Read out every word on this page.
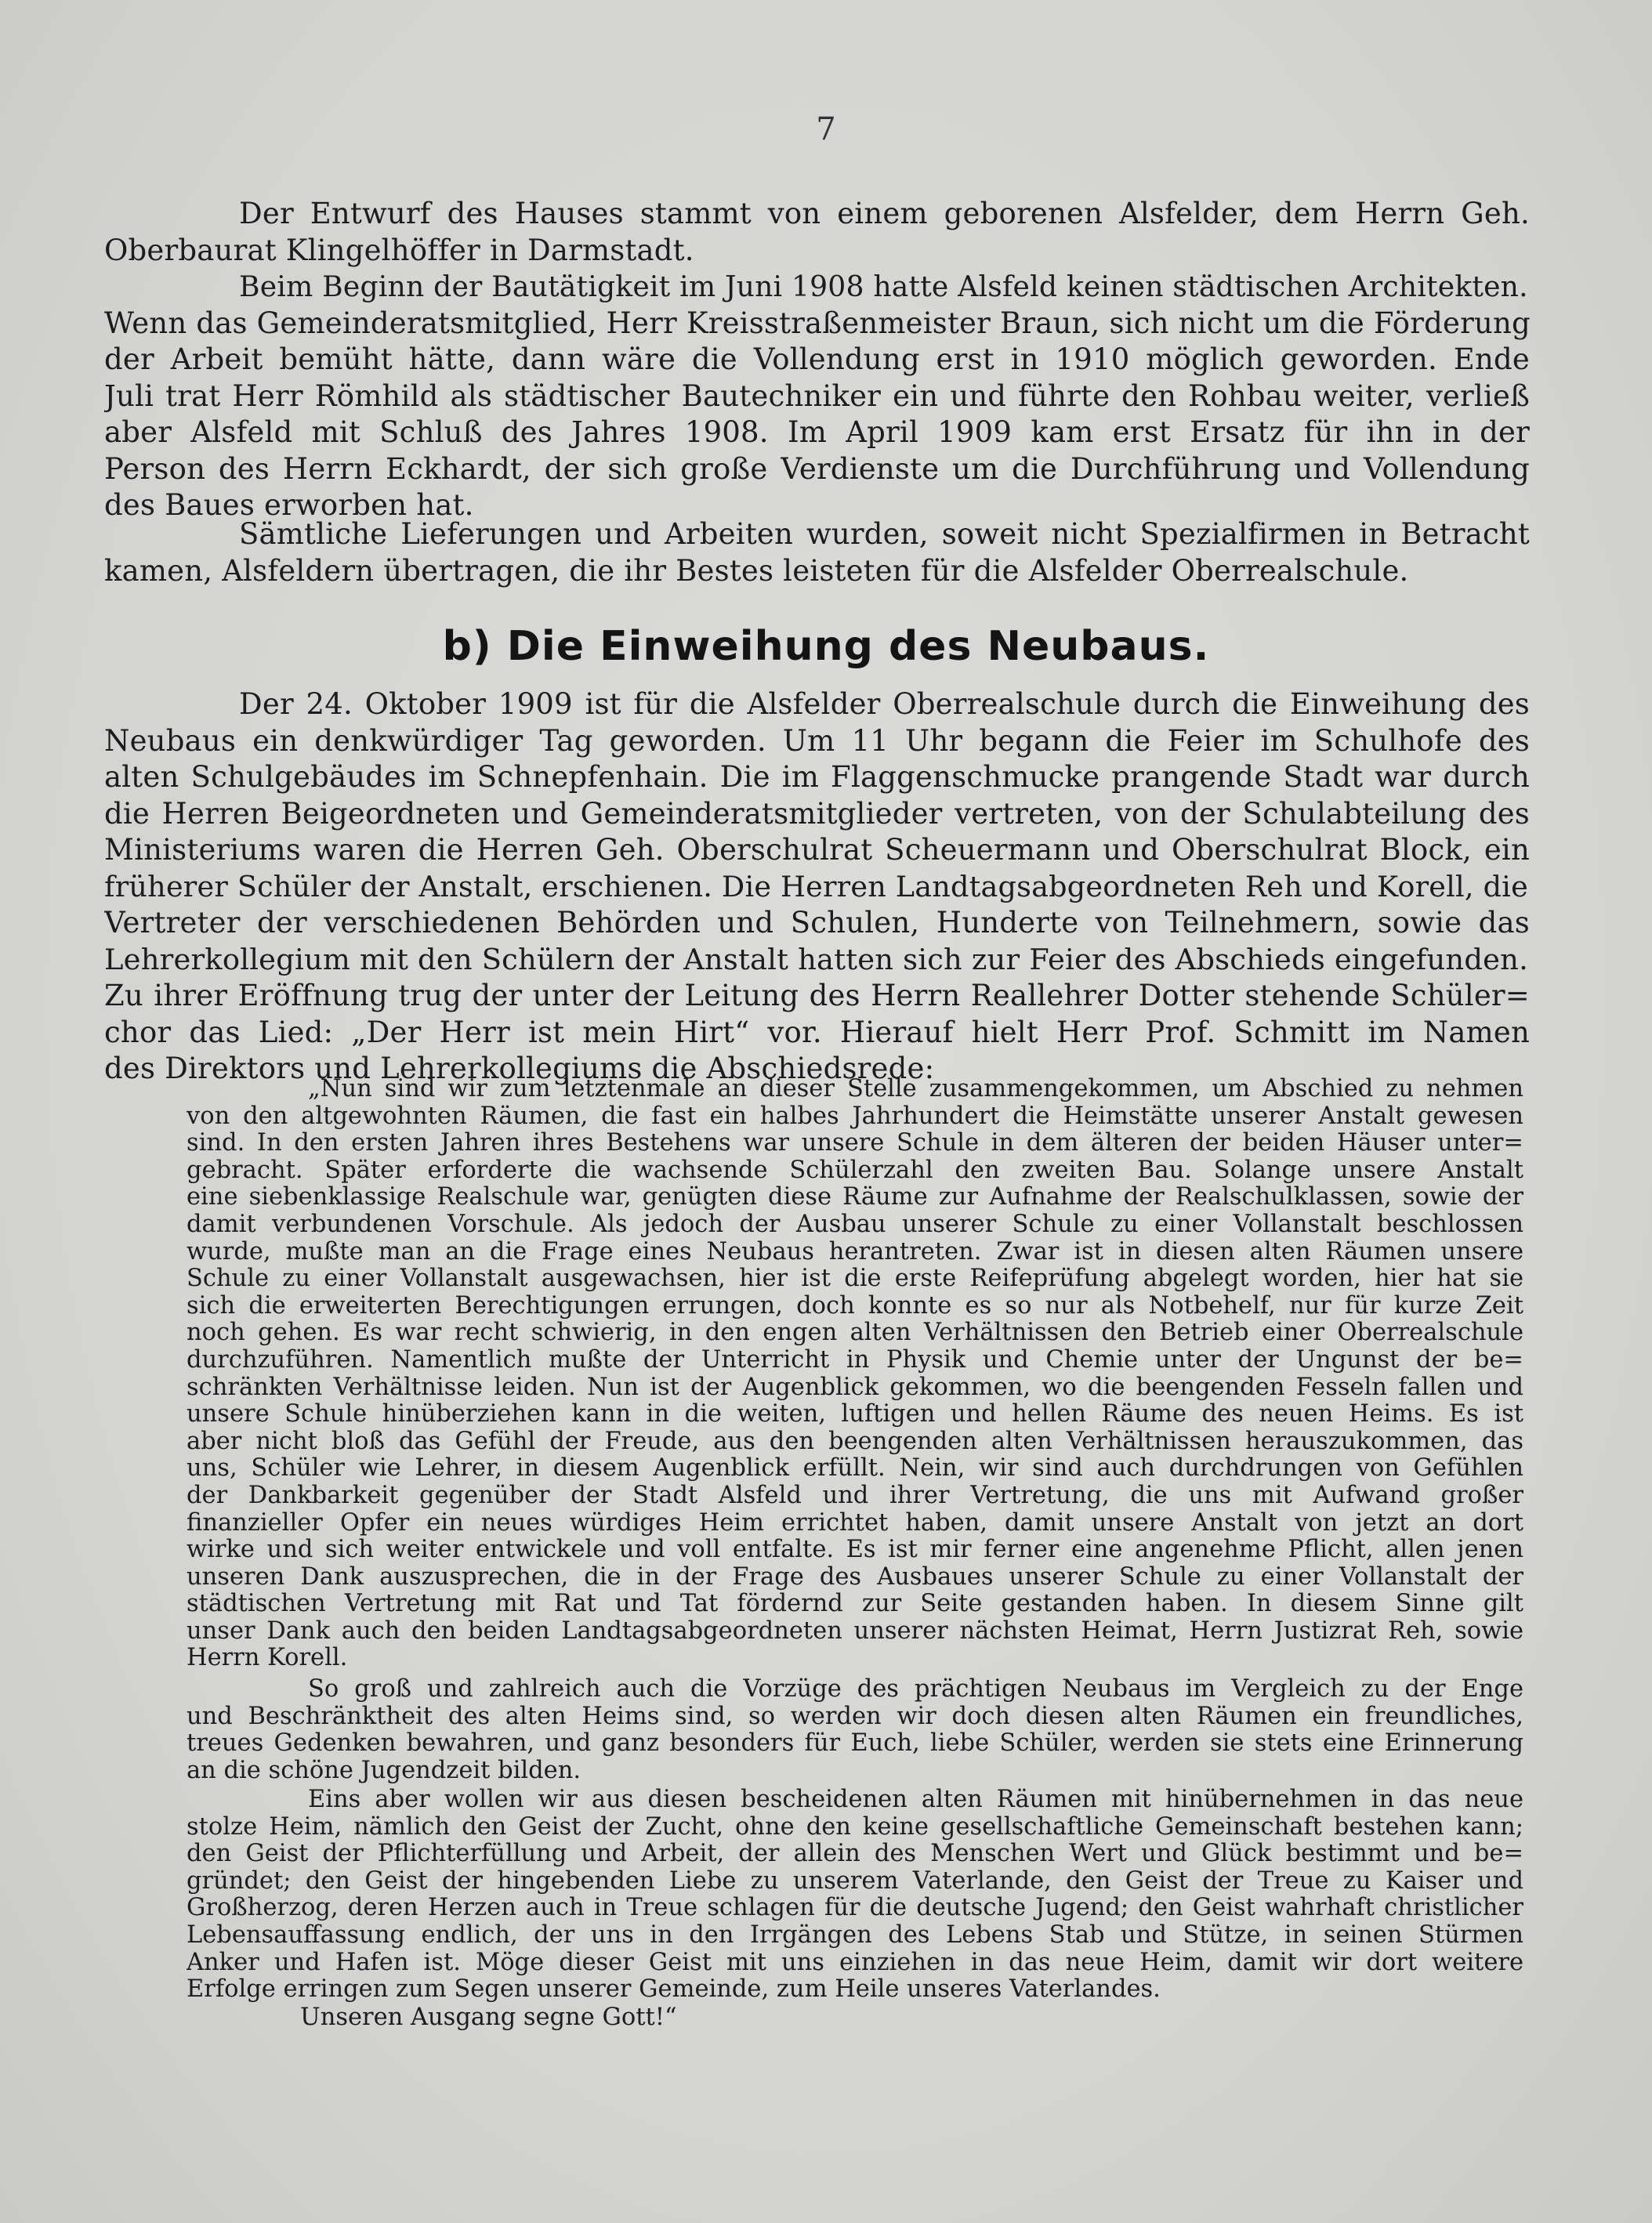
7
Der Entwurf des Hauses stammt von einem geborenen Alsfelder, dem Herrn Geh.
Oberbaurat Klingelhöffer in Darmstadt.
Beim Beginn der Bautätigkeit im Juni 1908 hatte Alsfeld keinen städtischen Architekten.
Wenn das Gemeinderatsmitglied, Herr Kreisstraßenmeister Braun, sich nicht um die Förderung
der Arbeit bemüht hätte, dann wäre die Vollendung erst in 1910 möglich geworden. Ende
Juli trat Herr Römhild als städtischer Bautechniker ein und führte den Rohbau weiter, verließ
aber Alsfeld mit Schluß des Jahres 1908. Im April 1909 kam erst Ersatz für ihn in der
Person des Herrn Eckhardt, der sich große Verdienste um die Durchführung und Vollendung
des Baues erworben hat.
Sämtliche Lieferungen und Arbeiten wurden, soweit nicht Spezialfirmen in Betracht
kamen, Alsfeldern übertragen, die ihr Bestes leisteten für die Alsfelder Oberrealschule.
b) Die Einweihung des Neubaus.
Der 24. Oktober 1909 ist für die Alsfelder Oberrealschule durch die Einweihung des
Neubaus ein denkwürdiger Tag geworden. Um 11 Uhr begann die Feier im Schulhofe des
alten Schulgebäudes im Schnepfenhain. Die im Flaggenschmucke prangende Stadt war durch
die Herren Beigeordneten und Gemeinderatsmitglieder vertreten, von der Schulabteilung des
Ministeriums waren die Herren Geh. Oberschulrat Scheuermann und Oberschulrat Block, ein
früherer Schüler der Anstalt, erschienen. Die Herren Landtagsabgeordneten Reh und Korell, die
Vertreter der verschiedenen Behörden und Schulen, Hunderte von Teilnehmern, sowie das
Lehrerkollegium mit den Schülern der Anstalt hatten sich zur Feier des Abschieds eingefunden.
Zu ihrer Eröffnung trug der unter der Leitung des Herrn Reallehrer Dotter stehende Schüler=
chor das Lied: „Der Herr ist mein Hirt“ vor. Hierauf hielt Herr Prof. Schmitt im Namen
des Direktors und Lehrerkollegiums die Abschiedsrede:
„Nun sind wir zum letztenmale an dieser Stelle zusammengekommen, um Abschied zu nehmen
von den altgewohnten Räumen, die fast ein halbes Jahrhundert die Heimstätte unserer Anstalt gewesen
sind. In den ersten Jahren ihres Bestehens war unsere Schule in dem älteren der beiden Häuser unter=
gebracht. Später erforderte die wachsende Schülerzahl den zweiten Bau. Solange unsere Anstalt
eine siebenklassige Realschule war, genügten diese Räume zur Aufnahme der Realschulklassen, sowie der
damit verbundenen Vorschule. Als jedoch der Ausbau unserer Schule zu einer Vollanstalt beschlossen
wurde, mußte man an die Frage eines Neubaus herantreten. Zwar ist in diesen alten Räumen unsere
Schule zu einer Vollanstalt ausgewachsen, hier ist die erste Reifeprüfung abgelegt worden, hier hat sie
sich die erweiterten Berechtigungen errungen, doch konnte es so nur als Notbehelf, nur für kurze Zeit
noch gehen. Es war recht schwierig, in den engen alten Verhältnissen den Betrieb einer Oberrealschule
durchzuführen. Namentlich mußte der Unterricht in Physik und Chemie unter der Ungunst der be=
schränkten Verhältnisse leiden. Nun ist der Augenblick gekommen, wo die beengenden Fesseln fallen und
unsere Schule hinüberziehen kann in die weiten, luftigen und hellen Räume des neuen Heims. Es ist
aber nicht bloß das Gefühl der Freude, aus den beengenden alten Verhältnissen herauszukommen, das
uns, Schüler wie Lehrer, in diesem Augenblick erfüllt. Nein, wir sind auch durchdrungen von Gefühlen
der Dankbarkeit gegenüber der Stadt Alsfeld und ihrer Vertretung, die uns mit Aufwand großer
finanzieller Opfer ein neues würdiges Heim errichtet haben, damit unsere Anstalt von jetzt an dort
wirke und sich weiter entwickele und voll entfalte. Es ist mir ferner eine angenehme Pflicht, allen jenen
unseren Dank auszusprechen, die in der Frage des Ausbaues unserer Schule zu einer Vollanstalt der
städtischen Vertretung mit Rat und Tat fördernd zur Seite gestanden haben. In diesem Sinne gilt
unser Dank auch den beiden Landtagsabgeordneten unserer nächsten Heimat, Herrn Justizrat Reh, sowie
Herrn Korell.
So groß und zahlreich auch die Vorzüge des prächtigen Neubaus im Vergleich zu der Enge
und Beschränktheit des alten Heims sind, so werden wir doch diesen alten Räumen ein freundliches,
treues Gedenken bewahren, und ganz besonders für Euch, liebe Schüler, werden sie stets eine Erinnerung
an die schöne Jugendzeit bilden.
Eins aber wollen wir aus diesen bescheidenen alten Räumen mit hinübernehmen in das neue
stolze Heim, nämlich den Geist der Zucht, ohne den keine gesellschaftliche Gemeinschaft bestehen kann;
den Geist der Pflichterfüllung und Arbeit, der allein des Menschen Wert und Glück bestimmt und be=
gründet; den Geist der hingebenden Liebe zu unserem Vaterlande, den Geist der Treue zu Kaiser und
Großherzog, deren Herzen auch in Treue schlagen für die deutsche Jugend; den Geist wahrhaft christlicher
Lebensauffassung endlich, der uns in den Irrgängen des Lebens Stab und Stütze, in seinen Stürmen
Anker und Hafen ist. Möge dieser Geist mit uns einziehen in das neue Heim, damit wir dort weitere
Erfolge erringen zum Segen unserer Gemeinde, zum Heile unseres Vaterlandes.
Unseren Ausgang segne Gott!“
